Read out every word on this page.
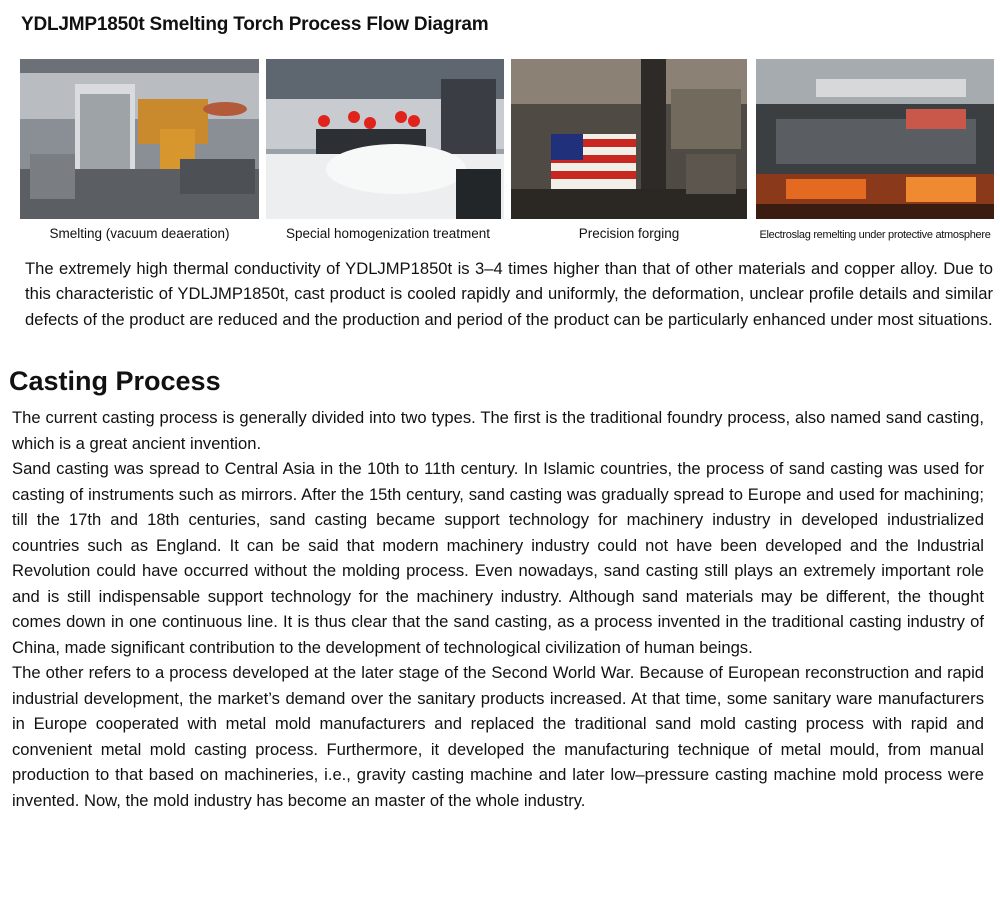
YDLJMP1850t Smelting Torch Process Flow Diagram
Smelting (vacuum deaeration)	Special homogenization treatment	Precision forging	Electroslag remelting under protective atmosphere
The extremely high thermal conductivity of YDLJMP1850t is 3–4 times higher than that of other materials and copper alloy. Due to this characteristic of YDLJMP1850t, cast product is cooled rapidly and uniformly, the deformation, unclear profile details and similar defects of the product are reduced and the production and period of the product can be particularly enhanced under most situations.
Casting Process

The current casting process is generally divided into two types. The first is the traditional foundry process, also named sand casting, which is a great ancient invention.

Sand casting was spread to Central Asia in the 10th to 11th century. In Islamic countries, the process of sand casting was used for casting of instruments such as mirrors. After the 15th century, sand casting was gradually spread to Europe and used for machining; till the 17th and 18th centuries, sand casting became support technology for machinery industry in developed industrialized countries such as England. It can be said that modern machinery industry could not have been developed and the Industrial Revolution could have occurred without the molding process. Even nowadays, sand casting still plays an extremely important role and is still indispensable support technology for the machinery industry. Although sand materials may be different, the thought comes down in one continuous line. It is thus clear that the sand casting, as a process invented in the traditional casting industry of China, made significant contribution to the development of technological civilization of human beings.

The other refers to a process developed at the later stage of the Second World War. Because of European reconstruction and rapid industrial development, the market’s demand over the sanitary products increased. At that time, some sanitary ware manufacturers in Europe cooperated with metal mold manufacturers and replaced the traditional sand mold casting process with rapid and convenient metal mold casting process. Furthermore, it developed the manufacturing technique of metal mould, from manual production to that based on machineries, i.e., gravity casting machine and later low–pressure casting machine mold process were invented. Now, the mold industry has become an master of the whole industry.
